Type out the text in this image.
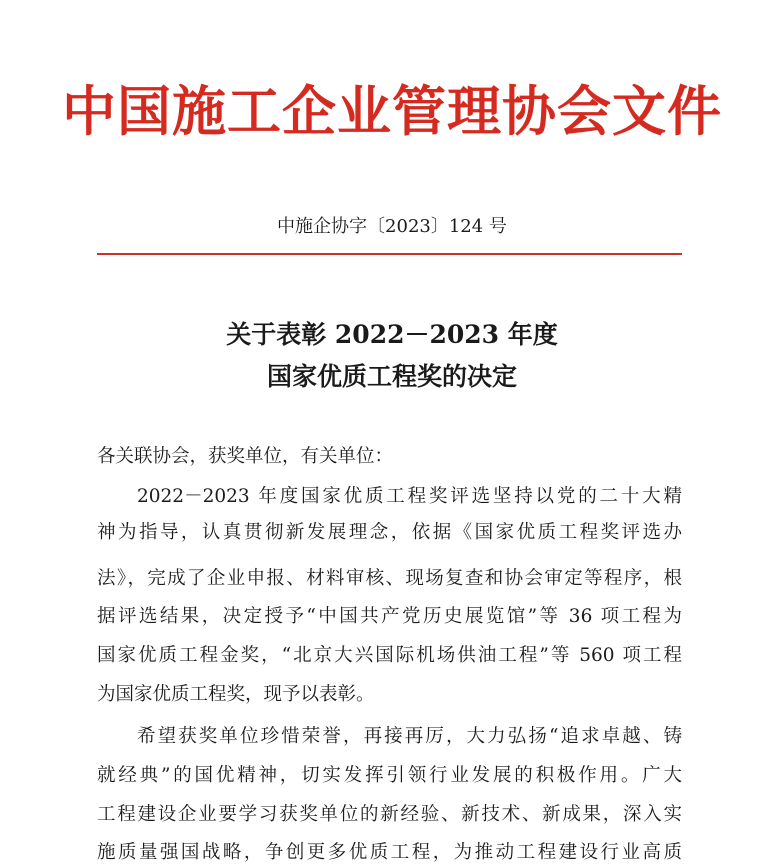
中国施工企业管理协会文件
中施企协字〔2023〕124 号
关于表彰 2022－2023 年度
国家优质工程奖的决定
各关联协会，获奖单位，有关单位：
2022－2023 年度国家优质工程奖评选坚持以党的二十大精
神为指导，认真贯彻新发展理念，依据《国家优质工程奖评选办
法》，完成了企业申报、材料审核、现场复查和协会审定等程序，根
据评选结果，决定授予“中国共产党历史展览馆”等 36 项工程为
国家优质工程金奖，“北京大兴国际机场供油工程”等 560 项工程
为国家优质工程奖，现予以表彰。
希望获奖单位珍惜荣誉，再接再厉，大力弘扬“追求卓越、铸
就经典”的国优精神，切实发挥引领行业发展的积极作用。广大
工程建设企业要学习获奖单位的新经验、新技术、新成果，深入实
施质量强国战略，争创更多优质工程，为推动工程建设行业高质
